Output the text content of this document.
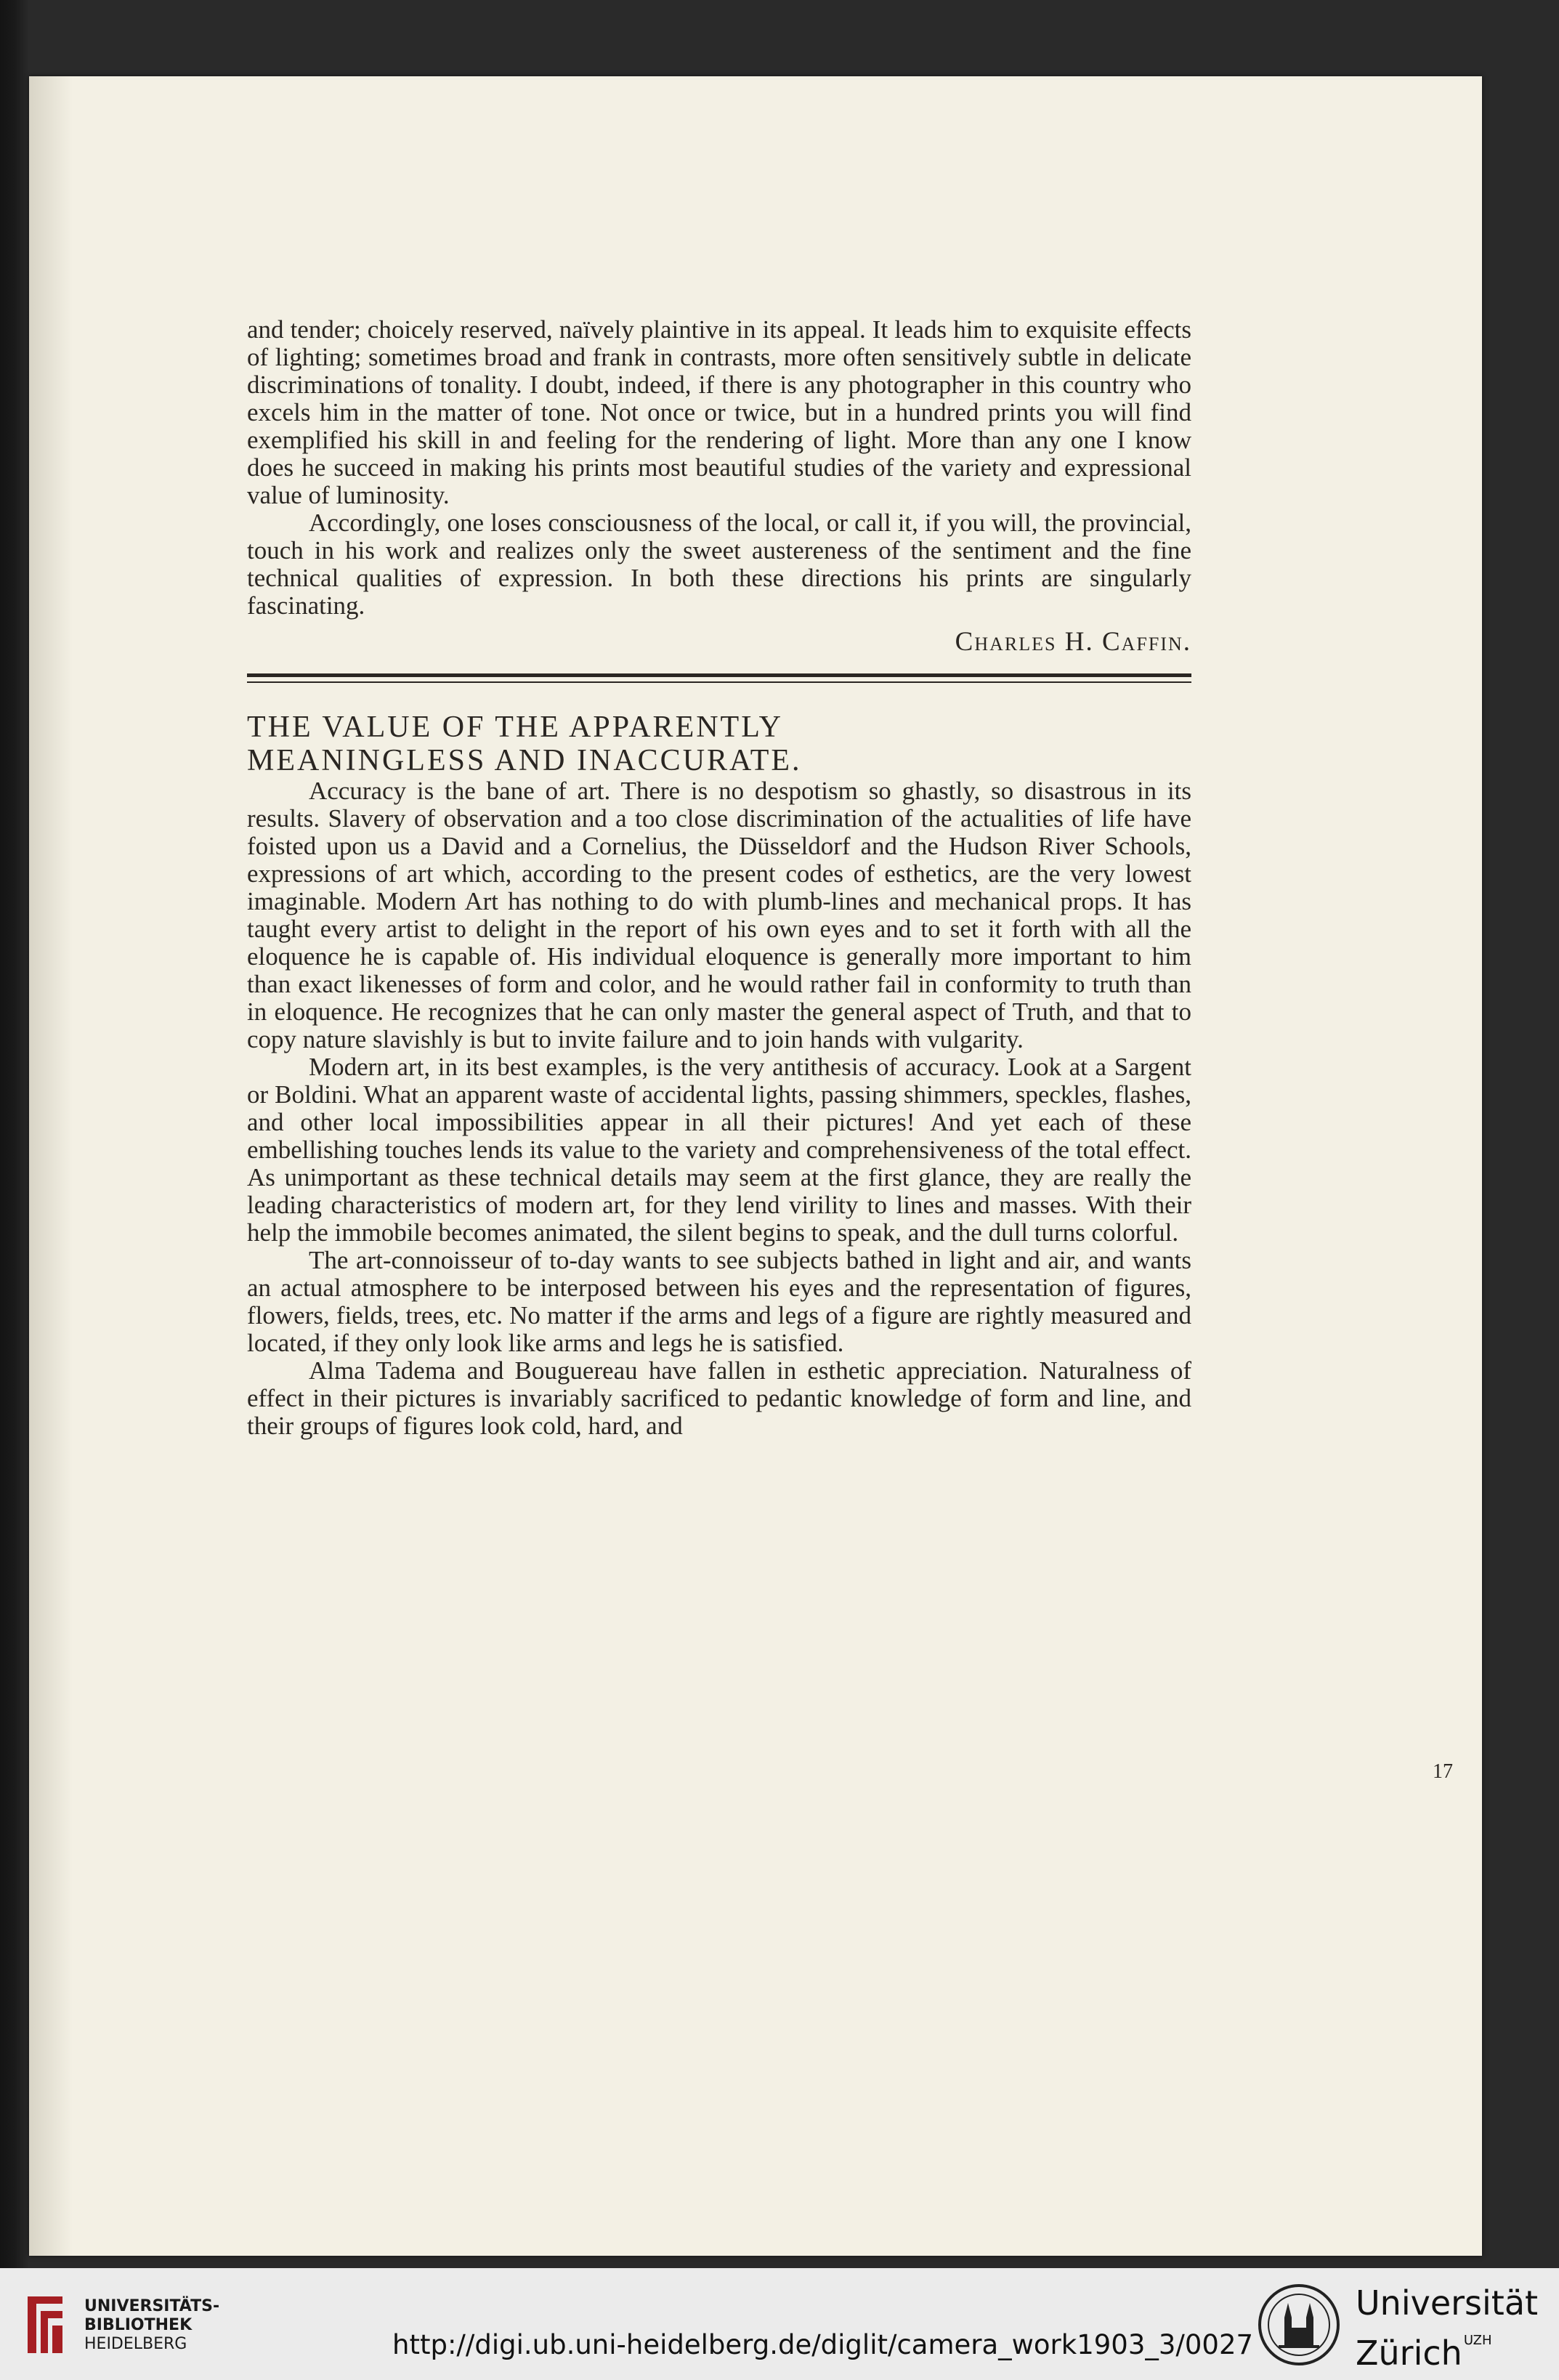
and tender; choicely reserved, naïvely plaintive in its appeal. It leads him to exquisite effects of lighting; sometimes broad and frank in contrasts, more often sensitively subtle in delicate discriminations of tonality. I doubt, indeed, if there is any photographer in this country who excels him in the matter of tone. Not once or twice, but in a hundred prints you will find exemplified his skill in and feeling for the rendering of light. More than any one I know does he succeed in making his prints most beautiful studies of the variety and expressional value of luminosity.

Accordingly, one loses consciousness of the local, or call it, if you will, the provincial, touch in his work and realizes only the sweet austereness of the sentiment and the fine technical qualities of expression. In both these directions his prints are singularly fascinating.

Charles H. Caffin.
THE VALUE OF THE APPARENTLY
MEANINGLESS AND INACCURATE.

Accuracy is the bane of art. There is no despotism so ghastly, so disastrous in its results. Slavery of observation and a too close discrimination of the actualities of life have foisted upon us a David and a Cornelius, the Düsseldorf and the Hudson River Schools, expressions of art which, according to the present codes of esthetics, are the very lowest imaginable. Modern Art has nothing to do with plumb-lines and mechanical props. It has taught every artist to delight in the report of his own eyes and to set it forth with all the eloquence he is capable of. His individual eloquence is generally more important to him than exact likenesses of form and color, and he would rather fail in conformity to truth than in eloquence. He recognizes that he can only master the general aspect of Truth, and that to copy nature slavishly is but to invite failure and to join hands with vulgarity.

Modern art, in its best examples, is the very antithesis of accuracy. Look at a Sargent or Boldini. What an apparent waste of accidental lights, passing shimmers, speckles, flashes, and other local impossibilities appear in all their pictures! And yet each of these embellishing touches lends its value to the variety and comprehensiveness of the total effect. As unimportant as these technical details may seem at the first glance, they are really the leading characteristics of modern art, for they lend virility to lines and masses. With their help the immobile becomes animated, the silent begins to speak, and the dull turns colorful.

The art-connoisseur of to-day wants to see subjects bathed in light and air, and wants an actual atmosphere to be interposed between his eyes and the representation of figures, flowers, fields, trees, etc. No matter if the arms and legs of a figure are rightly measured and located, if they only look like arms and legs he is satisfied.

Alma Tadema and Bouguereau have fallen in esthetic appreciation. Naturalness of effect in their pictures is invariably sacrificed to pedantic knowledge of form and line, and their groups of figures look cold, hard, and

17
UNIVERSITÄTS-
BIBLIOTHEK
HEIDELBERG	http://digi.ub.uni-heidelberg.de/diglit/camera_work1903_3/0027
Universität
Zürich $^{UZH}$
